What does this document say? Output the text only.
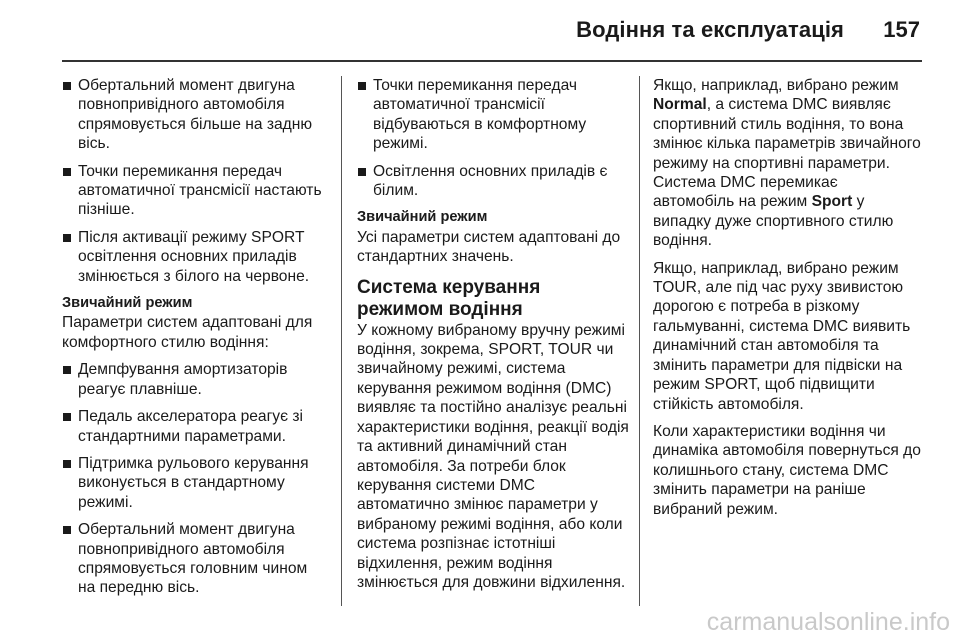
Водіння та експлуатація 157
Обертальний момент двигуна повнопривідного автомобіля спрямовується більше на задню вісь.
Точки перемикання передач автоматичної трансмісії настають пізніше.
Після активації режиму SPORT освітлення основних приладів змінюється з білого на червоне.
Звичайний режим

Параметри систем адаптовані для комфортного стилю водіння:

Демпфування амортизаторів реагує плавніше.
Педаль акселератора реагує зі стандартними параметрами.
Підтримка рульового керування виконується в стандартному режимі.
Обертальний момент двигуна повнопривідного автомобіля спрямовується головним чином на передню вісь.
Точки перемикання передач автоматичної трансмісії відбуваються в комфортному режимі.
Освітлення основних приладів є білим.
Звичайний режим

Усі параметри систем адаптовані до стандартних значень.

Система керування режимом водіння

У кожному вибраному вручну режимі водіння, зокрема, SPORT, TOUR чи звичайному режимі, система керування режимом водіння (DMC) виявляє та постійно аналізує реальні характеристики водіння, реакції водія та активний динамічний стан автомобіля. За потреби блок керування системи DMC автоматично змінює параметри у вибраному режимі водіння, або коли система розпізнає істотніші відхилення, режим водіння змінюється для довжини відхилення.

Якщо, наприклад, вибрано режим Normal, а система DMC виявляє спортивний стиль водіння, то вона змінює кілька параметрів звичайного режиму на спортивні параметри. Система DMC перемикає автомобіль на режим Sport у випадку дуже спортивного стилю водіння.

Якщо, наприклад, вибрано режим TOUR, але під час руху звивистою дорогою є потреба в різкому гальмуванні, система DMC виявить динамічний стан автомобіля та змінить параметри для підвіски на режим SPORT, щоб підвищити стійкість автомобіля.

Коли характеристики водіння чи динаміка автомобіля повернуться до колишнього стану, система DMC змінить параметри на раніше вибраний режим.

carmanualsonline.info
